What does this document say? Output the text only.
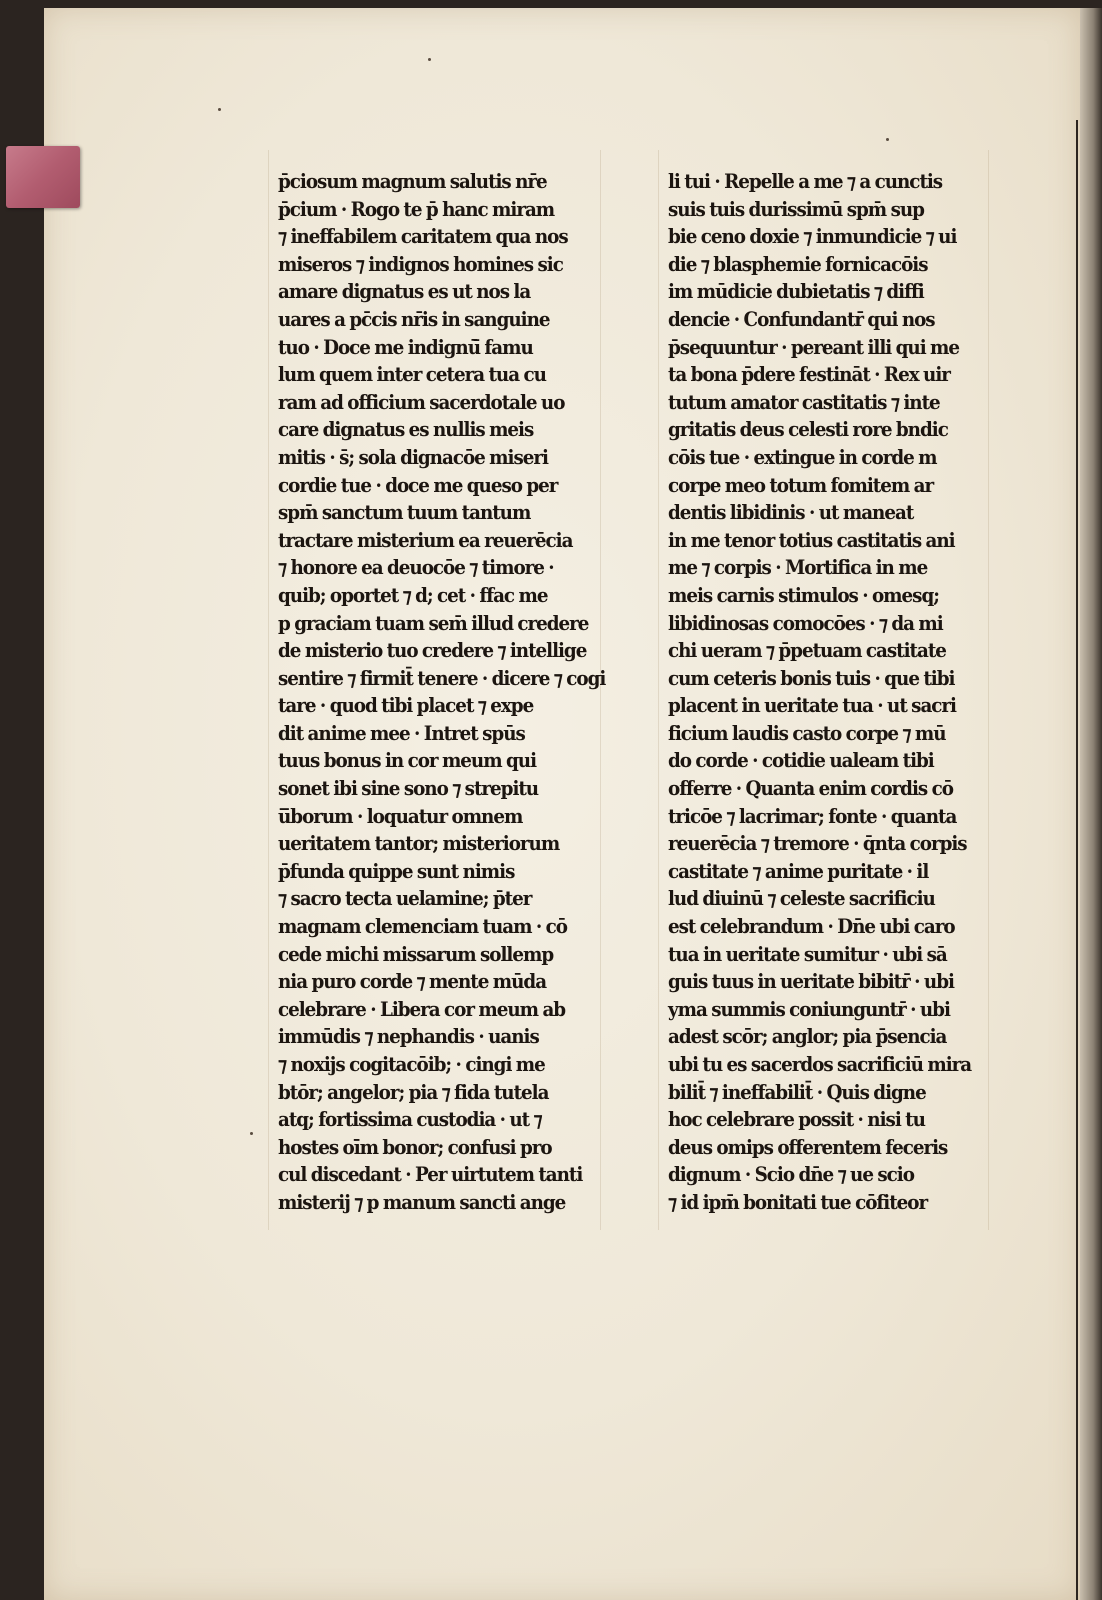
p̄ciosum magnum salutis nr̄e
p̄cium · Rogo te p̄ hanc miram
⁊ ineffabilem caritatem qua nos
miseros ⁊ indignos homines sic
amare dignatus es ut nos la
uares a pc̄cis nr̄is in sanguine
tuo · Doce me indignū̄ famu
lum quem inter cetera tua cu
ram ad officium sacerdotale uo
care dignatus es nullis meis
mitis · s̄; sola dignacōe miseri
cordie tue · doce me queso per
spm̄ sanctum tuum tantum
tractare misterium ea reuerēcia
⁊ honore ea deuocōe ⁊ timore ·
quib; oportet ⁊ d; cet · ffac me
p graciam tuam sem̄ illud credere
de misterio tuo credere ⁊ intellige
sentire ⁊ firmit̄ tenere · dicere ⁊ cogi
tare · quod tibi placet ⁊ expe
dit anime mee · Intret spūs
tuus bonus in cor meum qui
sonet ibi sine sono ⁊ strepitu
u̅borum · loquatur omnem
ueritatem tantor; misteriorum
p̄funda quippe sunt nimis
⁊ sacro tecta uelamine; p̄ter
magnam clemenciam tuam · cō
cede michi missarum sollemp
nia puro corde ⁊ mente mūda
celebrare · Libera cor meum ab
immūdis ⁊ nephandis · uanis
⁊ noxijs cogitacōib; · cingi me
btōr; angelor; pia ⁊ fida tutela
atq; fortissima custodia · ut ⁊
hostes oīm bonor; confusi pro
cul discedant · Per uirtutem tanti
misterij ⁊ p manum sancti ange
li tui · Repelle a me ⁊ a cunctis
suis tuis durissimū spm̄ sup
bie ceno doxie ⁊ inmundicie ⁊ ui
die ⁊ blasphemie fornicacōis
im mūdicie dubietatis ⁊ diffi
dencie · Confundantr̄ qui nos
p̄sequuntur · pereant illi qui me
ta bona p̄dere festināt · Rex uir
tutum amator castitatis ⁊ inte
gritatis deus celesti rore bndic
cōis tue · extingue in corde m
corpe meo totum fomitem ar
dentis libidinis · ut maneat
in me tenor totius castitatis ani
me ⁊ corpis · Mortifica in me
meis carnis stimulos · omesq;
libidinosas comocōes · ⁊ da mi
chi ueram ⁊ p̄petuam castitate
cum ceteris bonis tuis · que tibi
placent in ueritate tua · ut sacri
ficium laudis casto corpe ⁊ mū
do corde · cotidie ualeam tibi
offerre · Quanta enim cordis cō
tricōe ⁊ lacrimar; fonte · quanta
reuerēcia ⁊ tremore · q̄nta corpis
castitate ⁊ anime puritate · il
lud diuinū ⁊ celeste sacrificiu
est celebrandum · Dn̄e ubi caro
tua in ueritate sumitur · ubi sā
guis tuus in ueritate bibitr̄ · ubi
yma summis coniunguntr̄ · ubi
adest scōr; anglor; pia p̄sencia
ubi tu es sacerdos sacrificiū mira
bilit̄ ⁊ ineffabilit̄ · Quis digne
hoc celebrare possit · nisi tu
deus omips offerentem feceris
dignum · Scio dn̄e ⁊ ue scio
⁊ id ipm̄ bonitati tue cōfiteor
